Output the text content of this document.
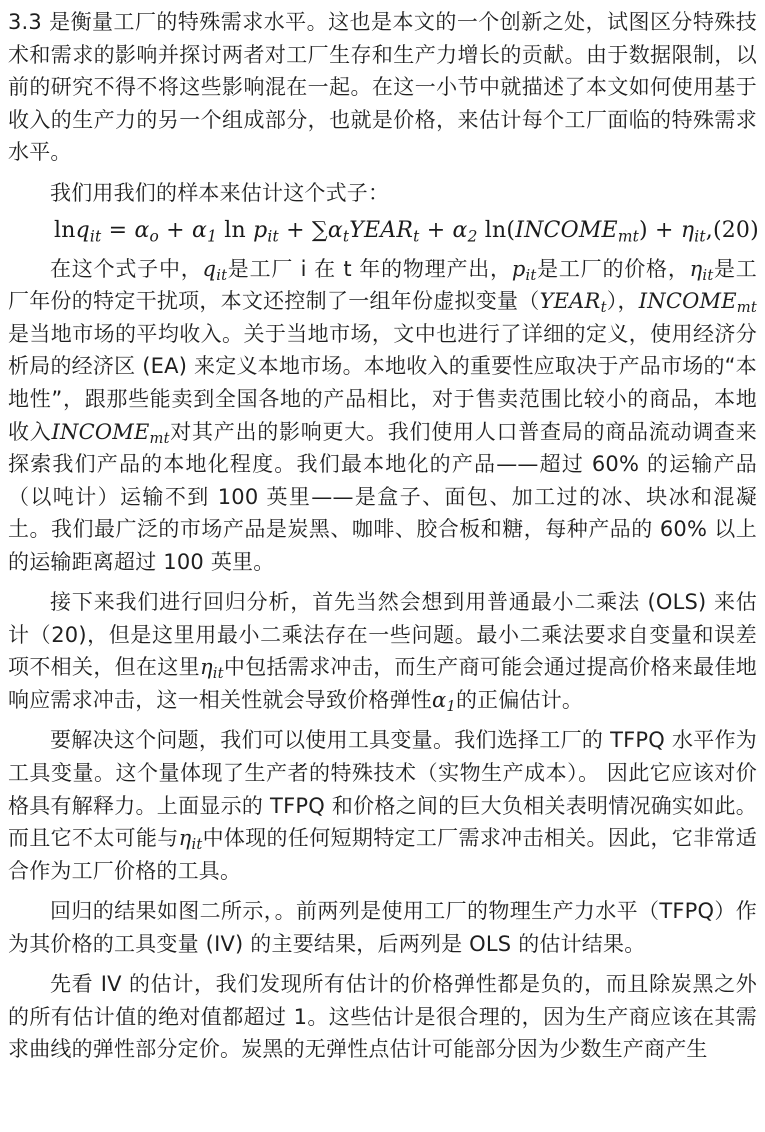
3.3 是衡量工厂的特殊需求水平。这也是本文的一个创新之处，试图区分特殊技术和需求的影响并探讨两者对工厂生存和生产力增长的贡献。由于数据限制，以前的研究不得不将这些影响混在一起。在这一小节中就描述了本文如何使用基于收入的生产力的另一个组成部分，也就是价格，来估计每个工厂面临的特殊需求水平。

我们用我们的样本来估计这个式子：

$\ln q_{it} = \alpha_o + \alpha_1$ $\ln p_{it}$ + $\sum\alpha_tYEAR_t + \alpha_2$ $\ln(INCOME_{mt}) + \eta_{it}$, (20)

在这个式子中，$q_{it}$是工厂 i 在 t 年的物理产出，$p_{it}$是工厂的价格，$\eta_{it}$是工厂年份的特定干扰项，本文还控制了一组年份虚拟变量$(YEAR_t)$，$INCOME_{mt}$是当地市场的平均收入。关于当地市场，文中也进行了详细的定义，使用经济分析局的经济区 (EA) 来定义本地市场。本地收入的重要性应取决于产品市场的“本地性”，跟那些能卖到全国各地的产品相比，对于售卖范围比较小的商品，本地收入$INCOME_{mt}$对其产出的影响更大。我们使用人口普查局的商品流动调查来探索我们产品的本地化程度。我们最本地化的产品——超过 60% 的运输产品（以吨计）运输不到 100 英里——是盒子、面包、加工过的冰、块冰和混凝土。我们最广泛的市场产品是炭黑、咖啡、胶合板和糖，每种产品的 60% 以上的运输距离超过 100 英里。

接下来我们进行回归分析，首先当然会想到用普通最小二乘法 (OLS) 来估计（20)，但是这里用最小二乘法存在一些问题。最小二乘法要求自变量和误差项不相关，但在这里$\eta_{it}$中包括需求冲击，而生产商可能会通过提高价格来最佳地响应需求冲击，这一相关性就会导致价格弹性$\alpha_1$的正偏估计。

要解决这个问题，我们可以使用工具变量。我们选择工厂的 TFPQ 水平作为工具变量。这个量体现了生产者的特殊技术（实物生产成本）。 因此它应该对价格具有解释力。上面显示的 TFPQ 和价格之间的巨大负相关表明情况确实如此。 而且它不太可能与$\eta_{it}$中体现的任何短期特定工厂需求冲击相关。因此，它非常适合作为工厂价格的工具。

回归的结果如图二所示，。前两列是使用工厂的物理生产力水平（TFPQ）作为其价格的工具变量 (IV) 的主要结果，后两列是 OLS 的估计结果。

先看 IV 的估计，我们发现所有估计的价格弹性都是负的，而且除炭黑之外的所有估计值的绝对值都超过 1。这些估计是很合理的，因为生产商应该在其需求曲线的弹性部分定价。炭黑的无弹性点估计可能部分因为少数生产商产生
